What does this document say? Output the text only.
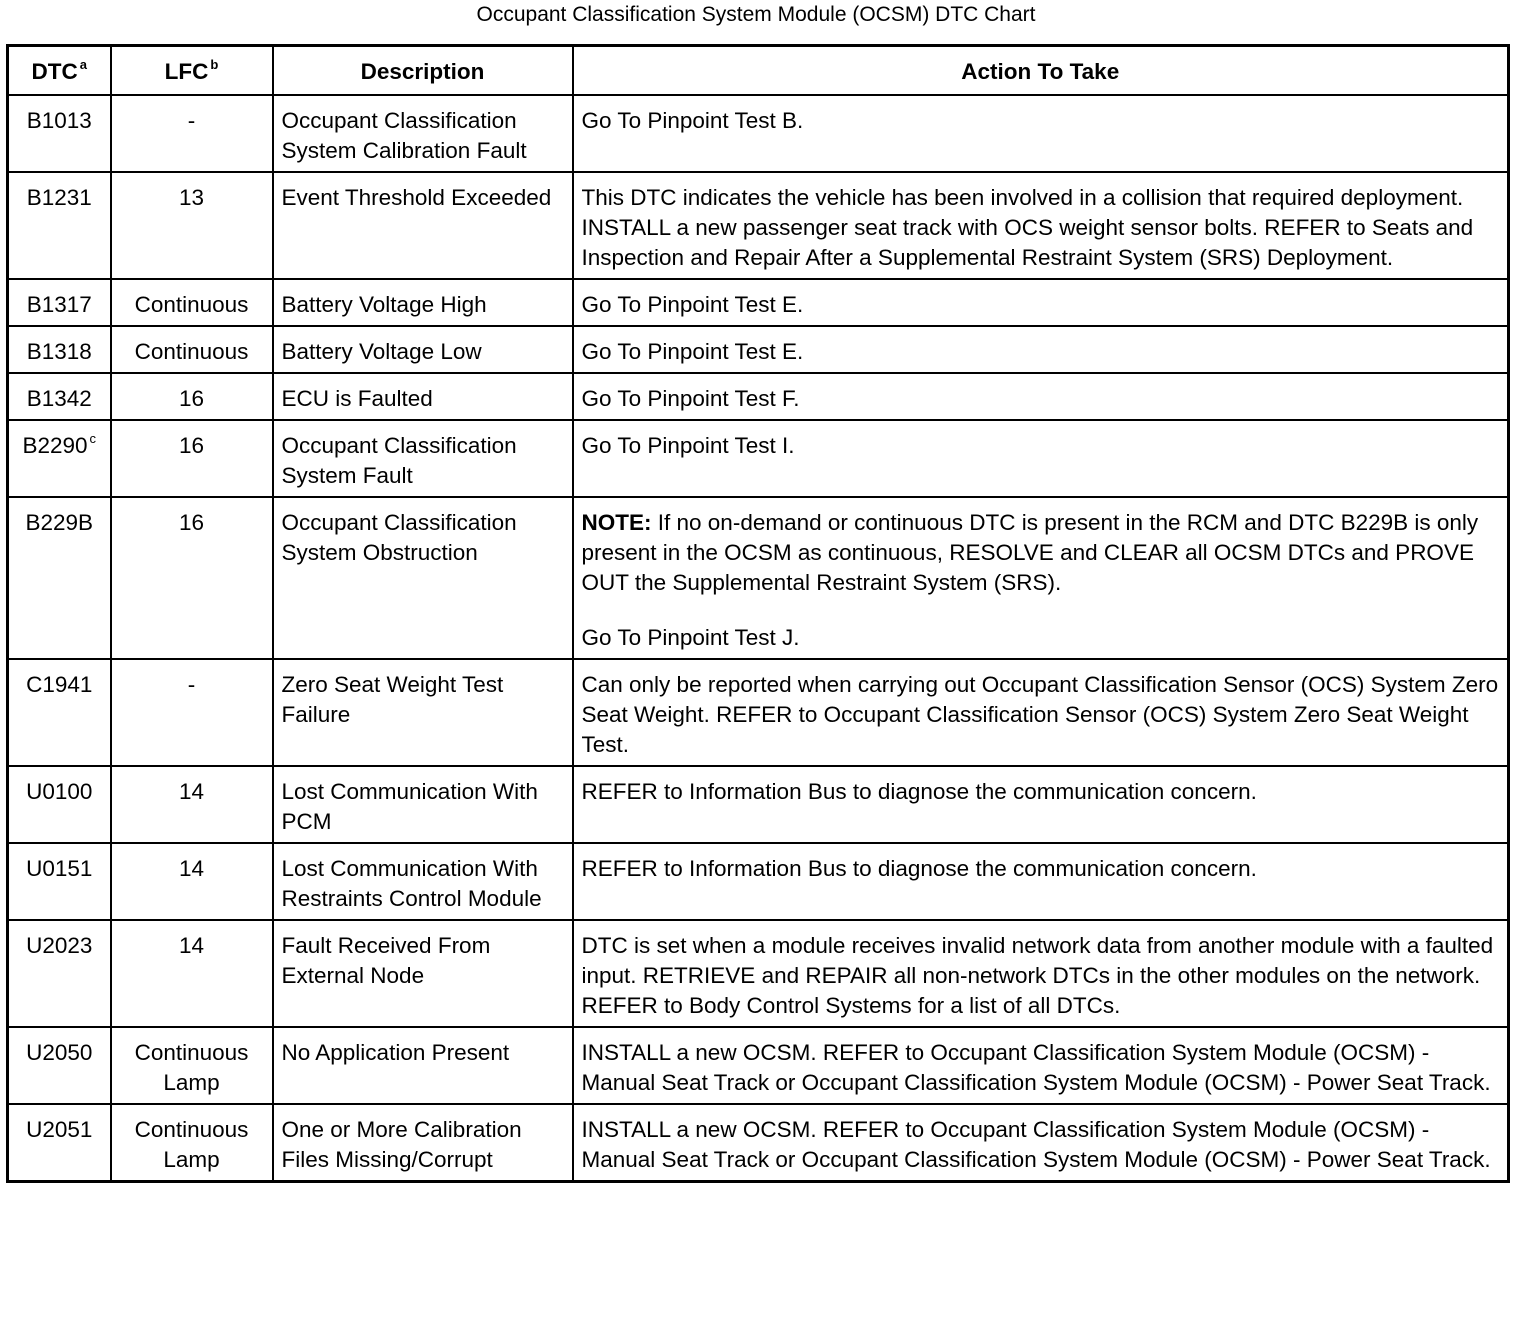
Occupant Classification System Module (OCSM) DTC Chart
DTC $^a$	LFC $^b$	Description	Action To Take
B1013	-	Occupant Classification System Calibration Fault	Go To Pinpoint Test B.
B1231	13	Event Threshold Exceeded	This DTC indicates the vehicle has been involved in a collision that required deployment. INSTALL a new passenger seat track with OCS weight sensor bolts. REFER to Seats and Inspection and Repair After a Supplemental Restraint System (SRS) Deployment.
B1317	Continuous	Battery Voltage High	Go To Pinpoint Test E.
B1318	Continuous	Battery Voltage Low	Go To Pinpoint Test E.
B1342	16	ECU is Faulted	Go To Pinpoint Test F.
B2290 $^c$	16	Occupant Classification System Fault	Go To Pinpoint Test I.
B229B	16	Occupant Classification System Obstruction	NOTE: If no on-demand or continuous DTC is present in the RCM and DTC B229B is only present in the OCSM as continuous, RESOLVE and CLEAR all OCSM DTCs and PROVE OUT the Supplemental Restraint System (SRS).
Go To Pinpoint Test J.
C1941	-	Zero Seat Weight Test Failure	Can only be reported when carrying out Occupant Classification Sensor (OCS) System Zero Seat Weight. REFER to Occupant Classification Sensor (OCS) System Zero Seat Weight Test.
U0100	14	Lost Communication With PCM	REFER to Information Bus to diagnose the communication concern.
U0151	14	Lost Communication With Restraints Control Module	REFER to Information Bus to diagnose the communication concern.
U2023	14	Fault Received From External Node	DTC is set when a module receives invalid network data from another module with a faulted input. RETRIEVE and REPAIR all non-network DTCs in the other modules on the network. REFER to Body Control Systems for a list of all DTCs.
U2050	Continuous Lamp	No Application Present	INSTALL a new OCSM. REFER to Occupant Classification System Module (OCSM) - Manual Seat Track or Occupant Classification System Module (OCSM) - Power Seat Track.
U2051	Continuous Lamp	One or More Calibration Files Missing/Corrupt	INSTALL a new OCSM. REFER to Occupant Classification System Module (OCSM) - Manual Seat Track or Occupant Classification System Module (OCSM) - Power Seat Track.
